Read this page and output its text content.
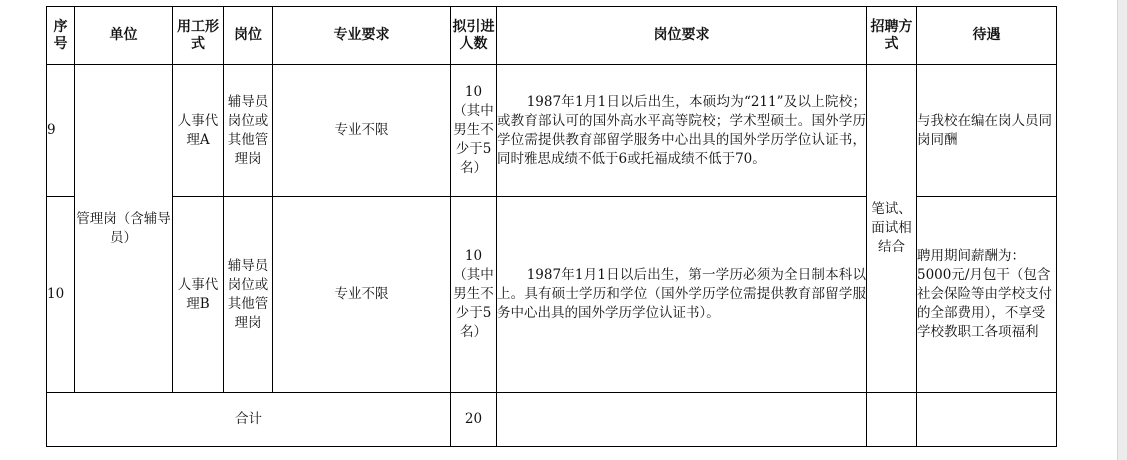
序号	单位	用工形式	岗位	专业要求	拟引进人数	岗位要求	招聘方式	待遇
9	管理岗（含辅导员）	人事代理A	辅导员岗位或其他管理岗	专业不限	10（其中男生不少于5名）	1987年1月1日以后出生，本硕均为“211”及以上院校；或教育部认可的国外高水平高等院校；学术型硕士。国外学历学位需提供教育部留学服务中心出具的国外学历学位认证书，同时雅思成绩不低于6或托福成绩不低于70。	笔试、面试相结合	与我校在编在岗人员同岗同酬
10		人事代理B	辅导员岗位或其他管理岗	专业不限	10（其中男生不少于5名）	1987年1月1日以后出生，第一学历必须为全日制本科以上。具有硕士学历和学位（国外学历学位需提供教育部留学服务中心出具的国外学历学位认证书）。		聘用期间薪酬为：5000元/月包干（包含社会保险等由学校支付的全部费用），不享受学校教职工各项福利
合计					20			
